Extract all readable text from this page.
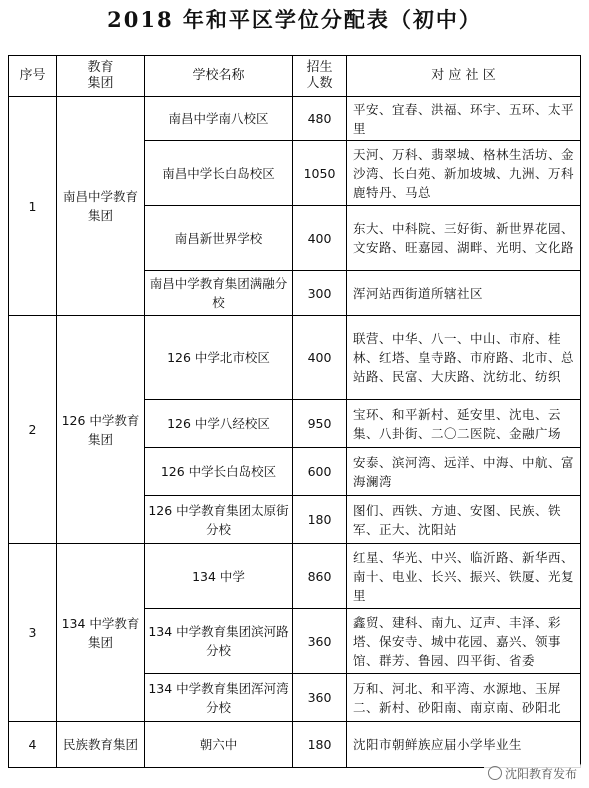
2018 年和平区学位分配表（初中）
序号	教育集团	学校名称	招生人数	对 应 社 区
1	南昌中学教育集团	南昌中学南八校区	480	平安、宜春、洪福、环宇、五环、太平里
		南昌中学长白岛校区	1050	天河、万科、翡翠城、格林生活坊、金沙湾、长白苑、新加坡城、九洲、万科鹿特丹、马总
		南昌新世界学校	400	东大、中科院、三好街、新世界花园、文安路、旺嘉园、湖畔、光明、文化路
		南昌中学教育集团满融分校	300	浑河站西街道所辖社区
2	126 中学教育集团	126 中学北市校区	400	联营、中华、八一、中山、市府、桂林、红塔、皇寺路、市府路、北市、总站路、民富、大庆路、沈纺北、纺织
		126 中学八经校区	950	宝环、和平新村、延安里、沈电、云集、八卦街、二〇二医院、金融广场
		126 中学长白岛校区	600	安泰、滨河湾、远洋、中海、中航、富海澜湾
		126 中学教育集团太原街分校	180	图们、西铁、方迪、安图、民族、铁军、正大、沈阳站
3	134 中学教育集团	134 中学	860	红星、华光、中兴、临沂路、新华西、南十、电业、长兴、振兴、铁厦、光复里
		134 中学教育集团滨河路分校	360	鑫贸、建科、南九、辽声、丰泽、彩塔、保安寺、城中花园、嘉兴、领事馆、群芳、鲁园、四平街、省委
		134 中学教育集团浑河湾分校	360	万和、河北、和平湾、水源地、玉屏二、新村、砂阳南、南京南、砂阳北
4	民族教育集团	朝六中	180	沈阳市朝鲜族应届小学毕业生
沈阳教育发布
